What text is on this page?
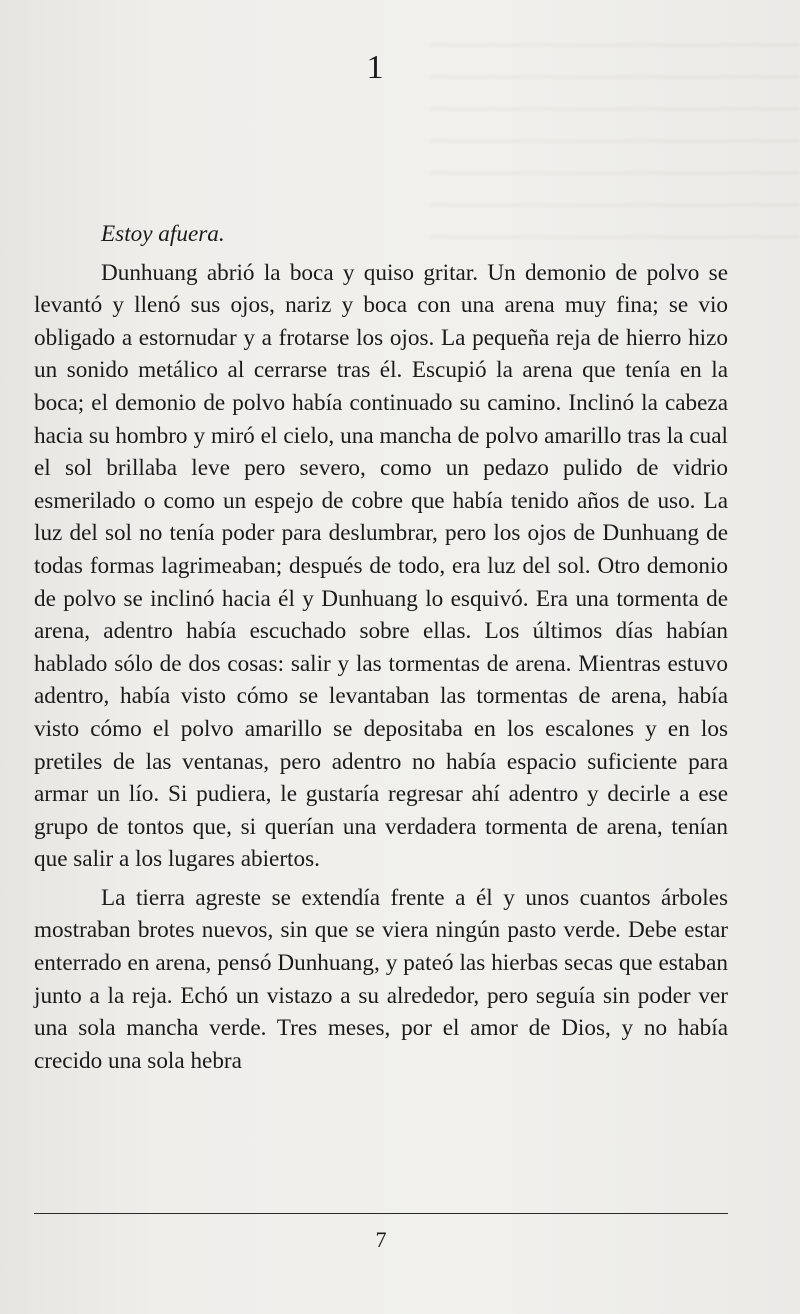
1

Estoy afuera.

Dunhuang abrió la boca y quiso gritar. Un demonio de polvo se levantó y llenó sus ojos, nariz y boca con una arena muy fina; se vio obligado a estornudar y a frotarse los ojos. La pequeña reja de hierro hizo un sonido metálico al cerrarse tras él. Escupió la arena que tenía en la boca; el demonio de polvo había continuado su camino. Inclinó la cabeza hacia su hombro y miró el cielo, una mancha de polvo amarillo tras la cual el sol brillaba leve pero severo, como un pedazo pulido de vidrio esmerilado o como un espejo de cobre que había tenido años de uso. La luz del sol no tenía poder para deslumbrar, pero los ojos de Dunhuang de todas formas lagrimeaban; después de todo, era luz del sol. Otro demonio de polvo se inclinó hacia él y Dunhuang lo esquivó. Era una tormenta de arena, adentro había escuchado sobre ellas. Los últimos días habían hablado sólo de dos cosas: salir y las tormentas de arena. Mientras estuvo adentro, había visto cómo se levantaban las tormentas de arena, había visto cómo el polvo amarillo se depositaba en los escalones y en los pretiles de las ventanas, pero adentro no había espacio suficiente para armar un lío. Si pudiera, le gustaría regresar ahí adentro y decirle a ese grupo de tontos que, si querían una verdadera tormenta de arena, tenían que salir a los lugares abiertos.

La tierra agreste se extendía frente a él y unos cuantos árboles mostraban brotes nuevos, sin que se viera ningún pasto verde. Debe estar enterrado en arena, pensó Dunhuang, y pateó las hierbas secas que estaban junto a la reja. Echó un vistazo a su alrededor, pero seguía sin poder ver una sola mancha verde. Tres meses, por el amor de Dios, y no había crecido una sola hebra

7
